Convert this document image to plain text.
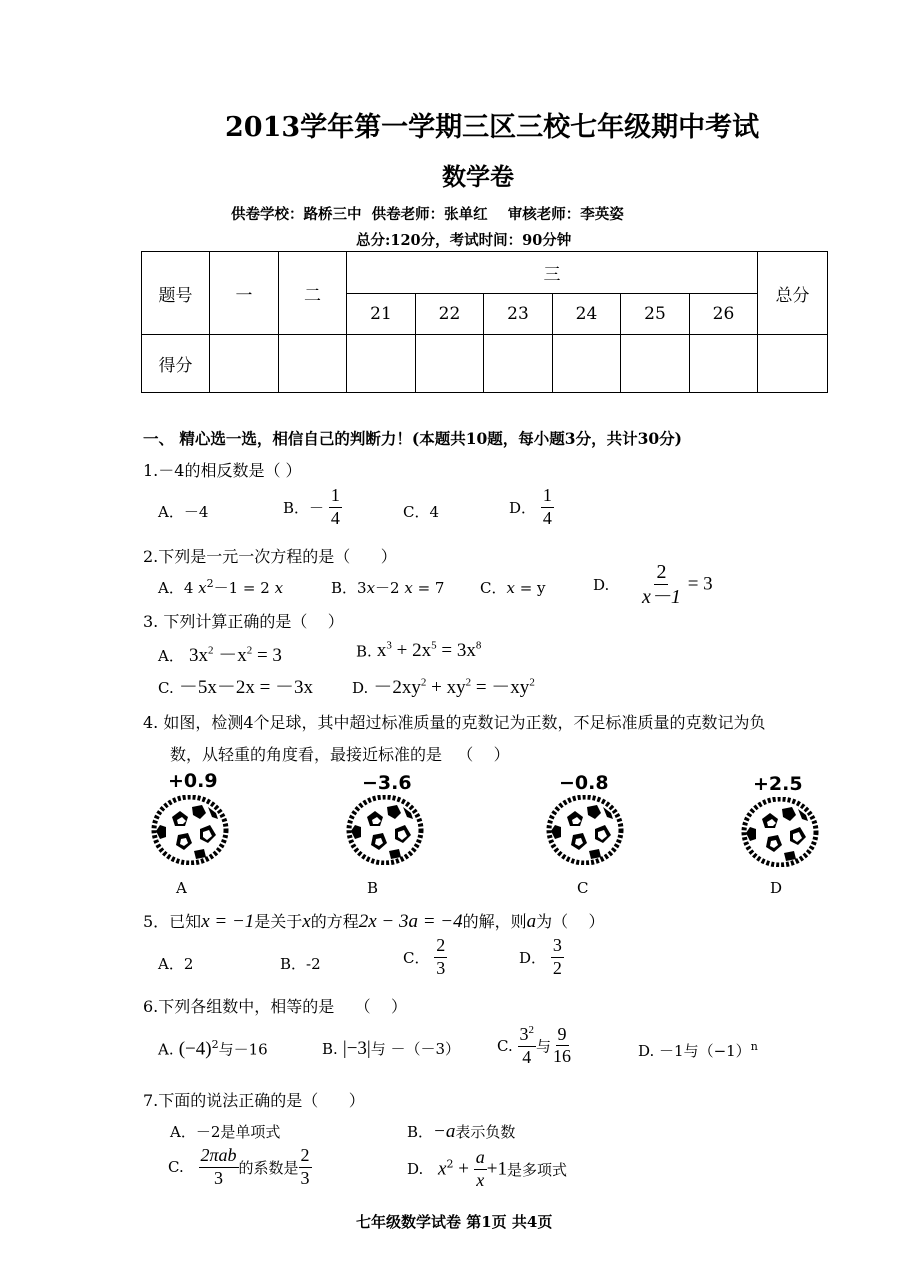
2013学年第一学期三区三校七年级期中考试
数学卷
供卷学校：路桥三中  供卷老师：张单红    审核老师：李英姿
总分:120分，考试时间：90分钟
题号	一	二	三						总分
			21	22	23	24	25	26	
得分									
一、 精心选一选，相信自己的判断力！(本题共10题，每小题3分，共计30分)
1.－4的相反数是（ ）
A．－4	B．－ $\frac{1}{4}$	C．4	D． $\frac{1}{4}$
2.下列是一元一次方程的是（      ）
A．4 $x^2-1 = 2$ x	B．3x－2 x = 7 C．x = y	D. $\frac{2}{x-1} = 3$
3. 下列计算正确的是（    ）
A． $3x^2 -x^2 = 3$	B. $x^3 + 2x^5 = 3x^8$
C. －5x－2x = －3x	D. $-2xy^2 + xy^2 = -xy^2$
4. 如图，检测4个足球，其中超过标准质量的克数记为正数，不足标准质量的克数记为负
数，从轻重的角度看，最接近标准的是   （    ）
+0.9	−3.6	−0.8	+2.5
A	B	C	D
5．已知x = −1是关于x的方程2x − 3a = −4的解，则a为（    ）
A．2	B．-2	C． $\frac{2}{3}$	D． $\frac{3}{2}$
6.下列各组数中，相等的是    （    ）
A. $(-4)^2$与－16	B. |−3|与 －（－3） C. $\frac{3^2}{4}$ 与 $\frac{9}{16}$	D. －1与$(-1)^n$
7.下面的说法正确的是（      ）
A．－2是单项式	B．−a表示负数
C. $\frac{\text{2πab}}{3}$ 的系数是 $\frac{2}{3}$	D. $x^2 + \frac{a}{x} +1$是多项式
七年级数学试卷 第1页 共4页
